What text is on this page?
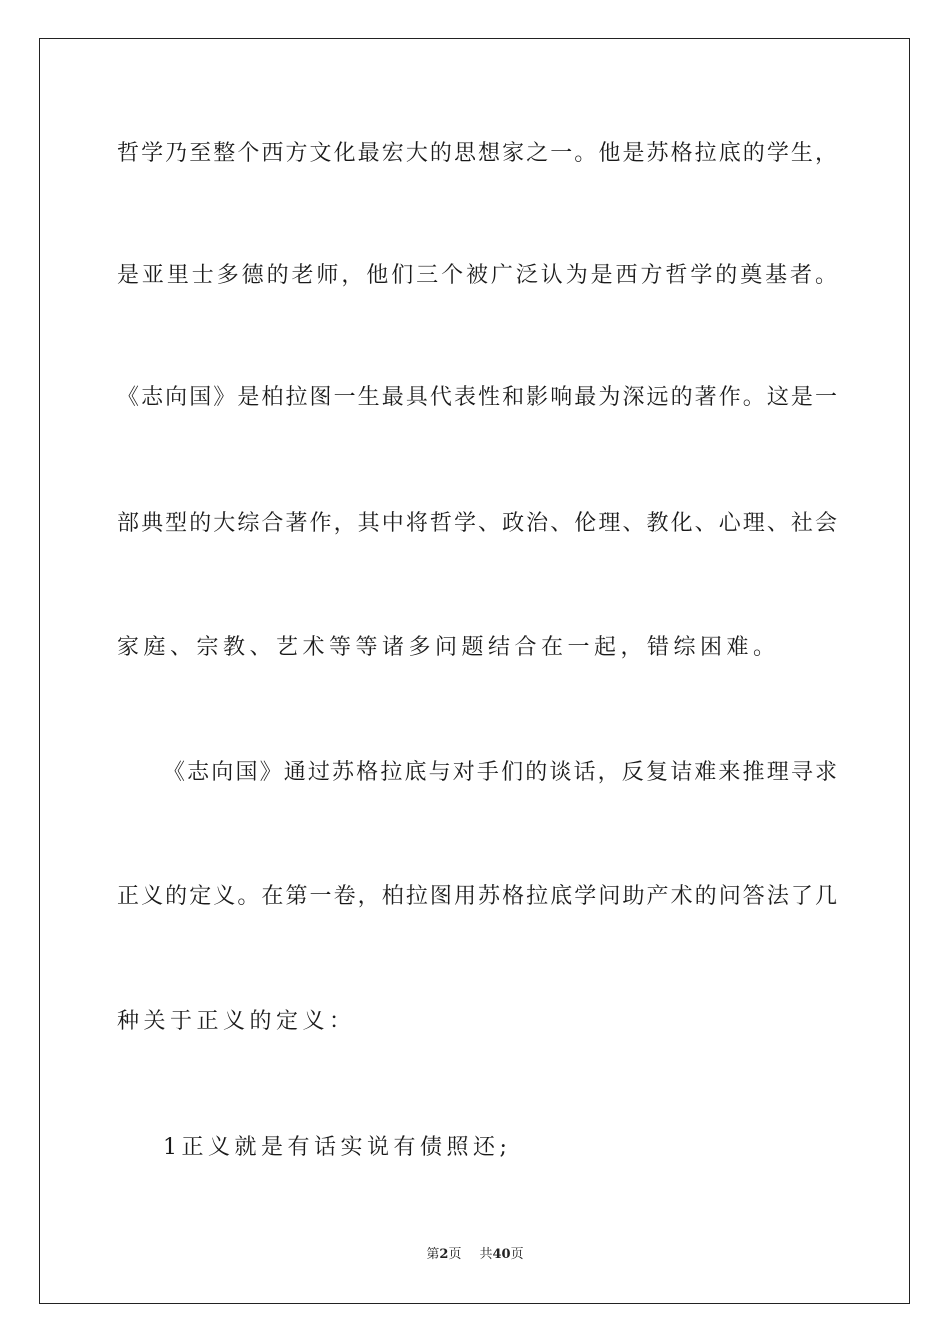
哲学乃至整个西方文化最宏大的思想家之一。他是苏格拉底的学生，
是亚里士多德的老师，他们三个被广泛认为是西方哲学的奠基者。
《志向国》是柏拉图一生最具代表性和影响最为深远的著作。这是一
部典型的大综合著作，其中将哲学、政治、伦理、教化、心理、社会
家庭、宗教、艺术等等诸多问题结合在一起，错综困难。
《志向国》通过苏格拉底与对手们的谈话，反复诘难来推理寻求
正义的定义。在第一卷，柏拉图用苏格拉底学问助产术的问答法了几
种关于正义的定义：
1正义就是有话实说有债照还;
第2页 共40页
